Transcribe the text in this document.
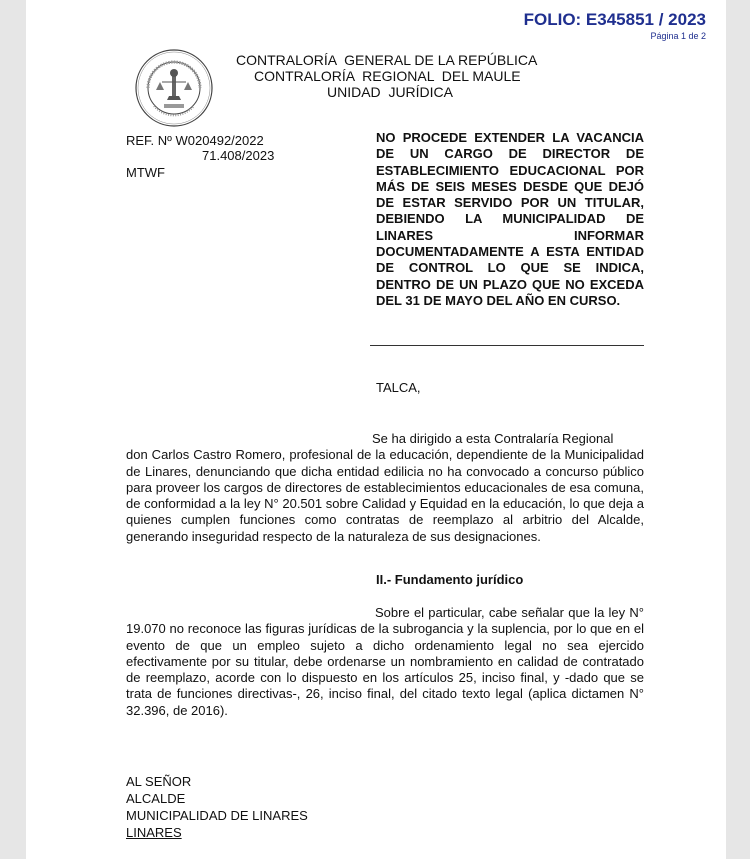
FOLIO: E345851 / 2023
Página 1 de 2
CONTRALORÍA  GENERAL DE LA REPÚBLICA
CONTRALORÍA  REGIONAL  DEL MAULE
UNIDAD  JURÍDICA
REF. Nº W020492/2022
71.408/2023
MTWF
NO PROCEDE EXTENDER LA VACANCIA DE UN CARGO DE DIRECTOR DE ESTABLECIMIENTO EDUCACIONAL POR MÁS DE SEIS MESES DESDE QUE DEJÓ DE ESTAR SERVIDO POR UN TITULAR, DEBIENDO LA MUNICIPALIDAD DE LINARES INFORMAR DOCUMENTADAMENTE A ESTA ENTIDAD DE CONTROL LO QUE SE INDICA, DENTRO DE UN PLAZO QUE NO EXCEDA DEL 31 DE MAYO DEL AÑO EN CURSO.
TALCA,
Se ha dirigido a esta Contralaría Regional
don Carlos Castro Romero, profesional de la educación, dependiente de la Municipalidad de Linares, denunciando que dicha entidad edilicia no ha convocado a concurso público para proveer los cargos de directores de establecimientos educacionales de esa comuna, de conformidad a la ley N° 20.501 sobre Calidad y Equidad en la educación, lo que deja a quienes cumplen funciones como contratas de reemplazo al arbitrio del Alcalde, generando inseguridad respecto de la naturaleza de sus designaciones.
II.- Fundamento jurídico
Sobre el particular, cabe señalar que la ley N° 19.070 no reconoce las figuras jurídicas de la subrogancia y la suplencia, por lo que en el evento de que un empleo sujeto a dicho ordenamiento legal no sea ejercido efectivamente por su titular, debe ordenarse un nombramiento en calidad de contratado de reemplazo, acorde con lo dispuesto en los artículos 25, inciso final, y -dado que se trata de funciones directivas-, 26, inciso final, del citado texto legal (aplica dictamen N° 32.396, de 2016).
AL SEÑOR
ALCALDE
MUNICIPALIDAD DE LINARES
LINARES
